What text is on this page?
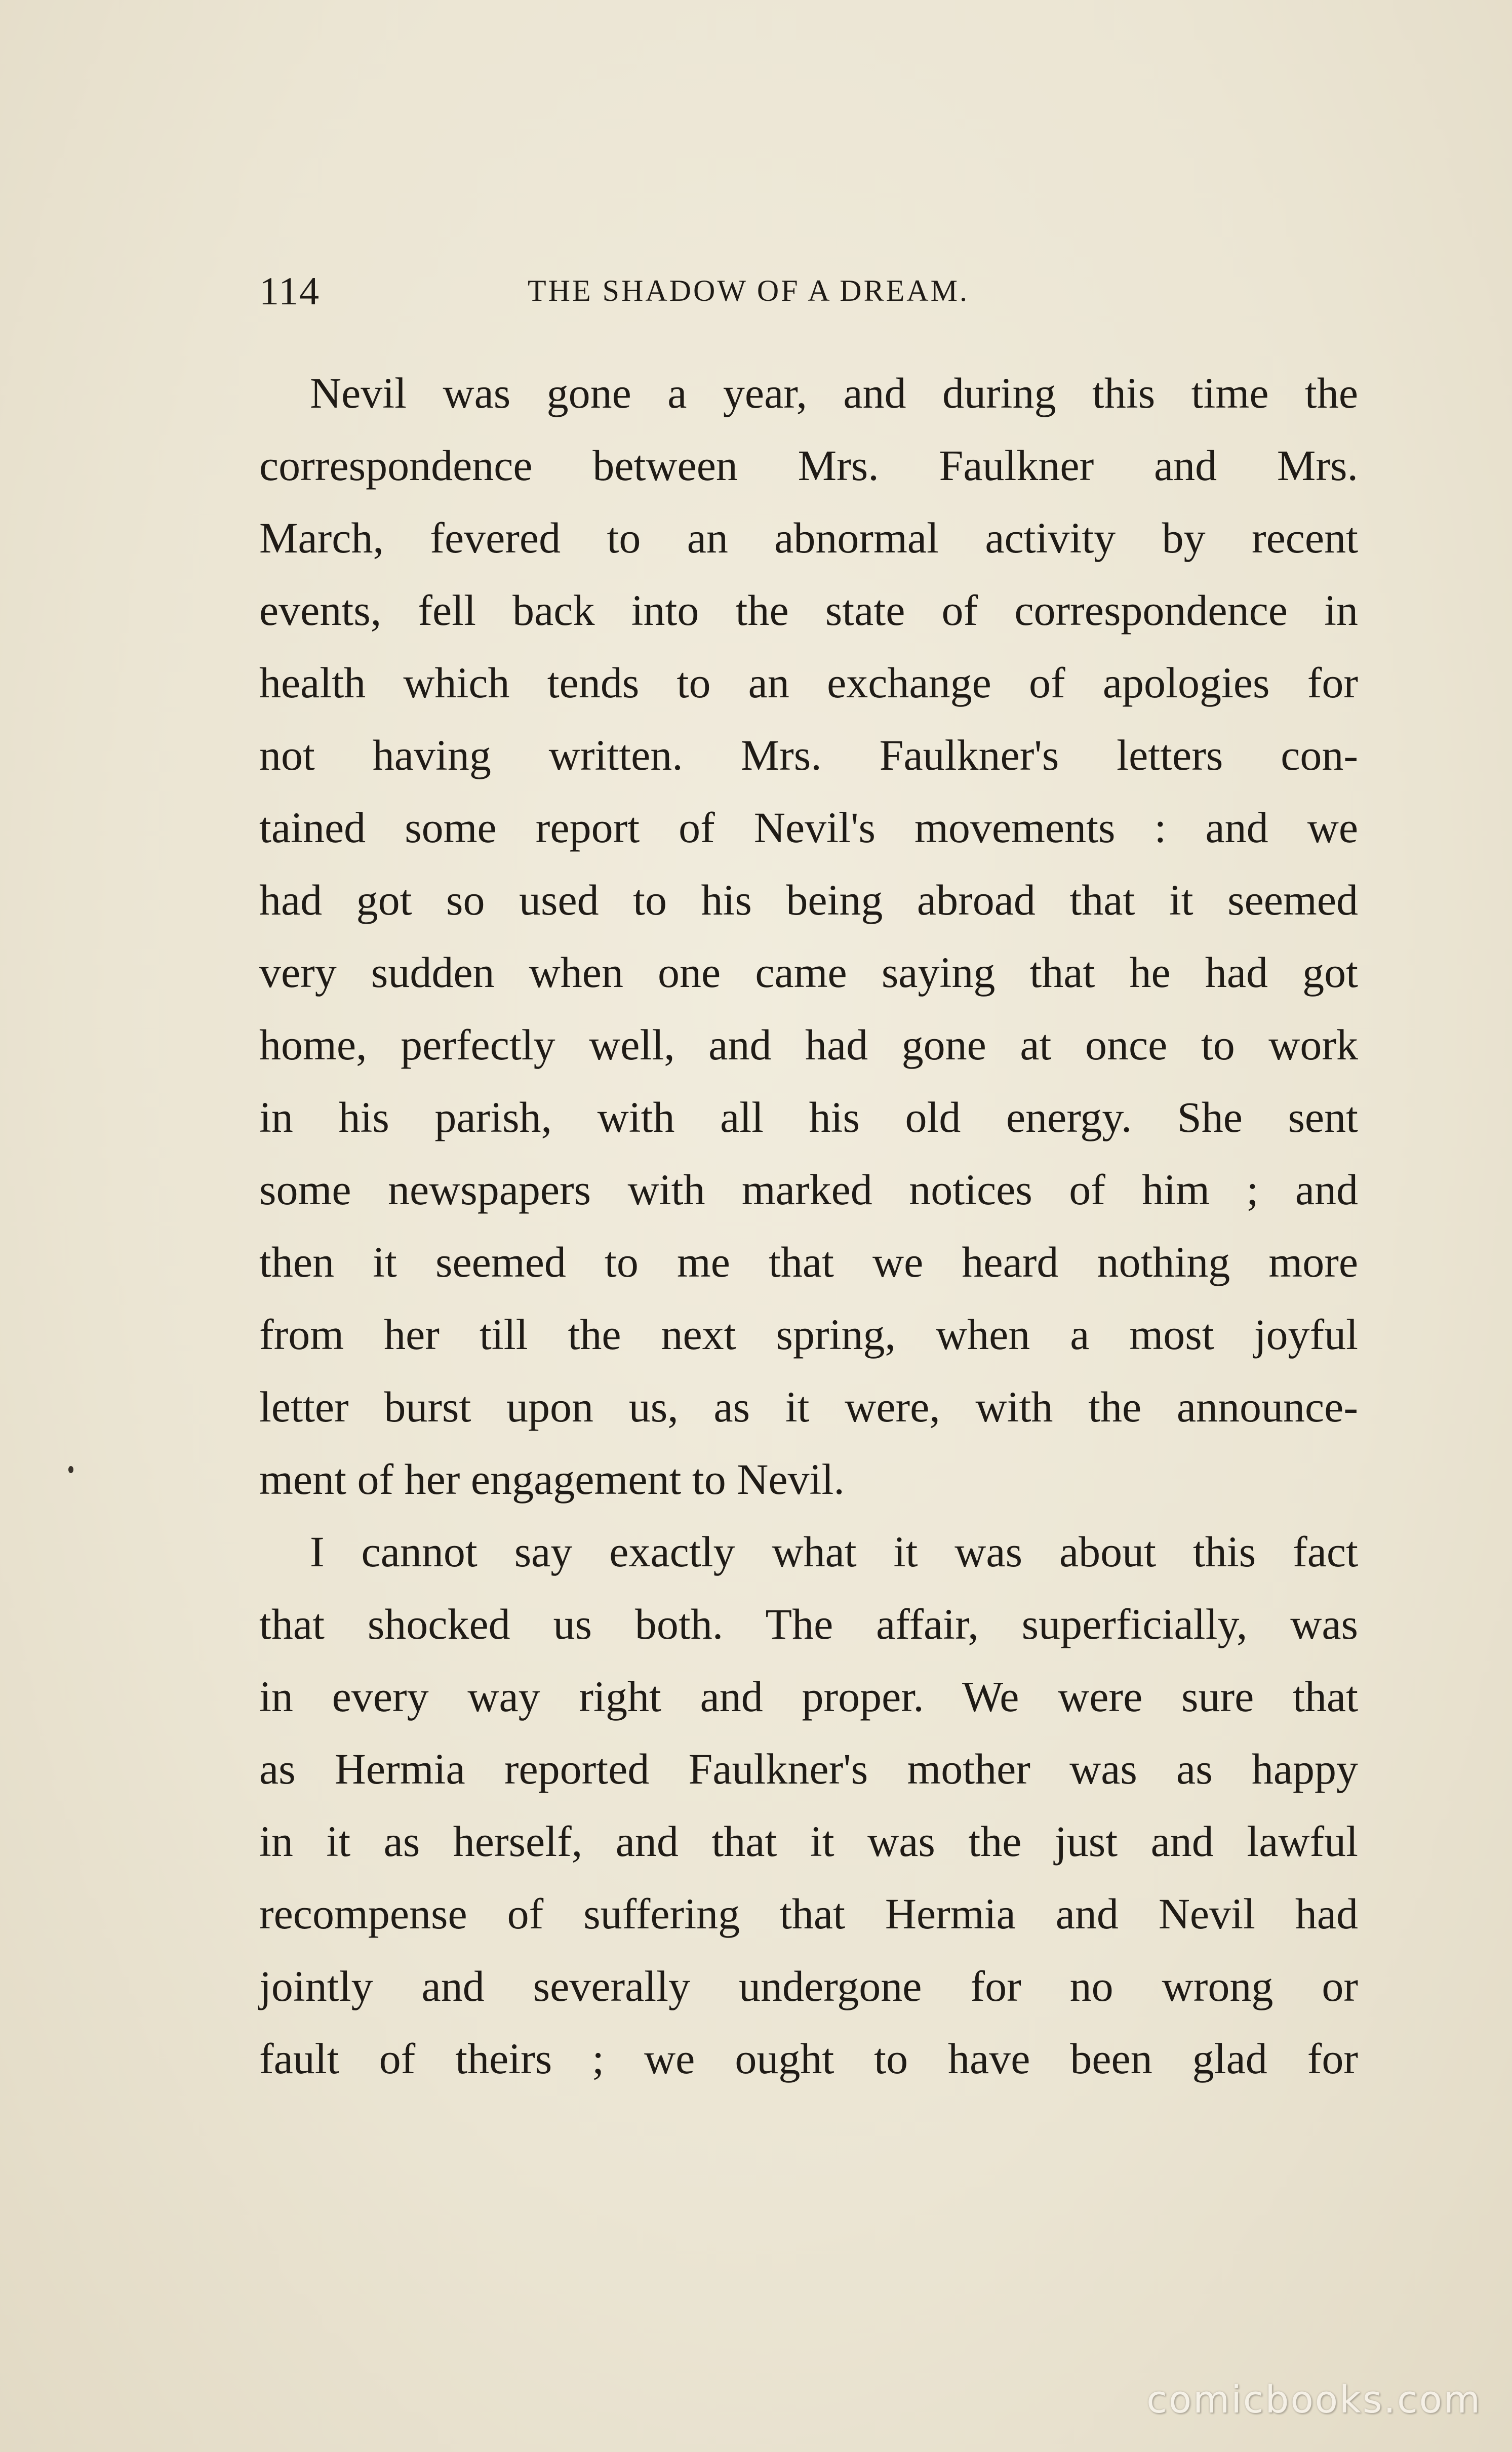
114	THE SHADOW OF A DREAM.
Nevil was gone a year, and during this time the
correspondence between Mrs. Faulkner and Mrs.
March, fevered to an abnormal activity by recent
events, fell back into the state of correspondence in
health which tends to an exchange of apologies for
not having written. Mrs. Faulkner's letters con-
tained some report of Nevil's movements : and we
had got so used to his being abroad that it seemed
very sudden when one came saying that he had got
home, perfectly well, and had gone at once to work
in his parish, with all his old energy. She sent
some newspapers with marked notices of him ; and
then it seemed to me that we heard nothing more
from her till the next spring, when a most joyful
letter burst upon us, as it were, with the announce-
ment of her engagement to Nevil.
I cannot say exactly what it was about this fact
that shocked us both. The affair, superficially, was
in every way right and proper. We were sure that
as Hermia reported Faulkner's mother was as happy
in it as herself, and that it was the just and lawful
recompense of suffering that Hermia and Nevil had
jointly and severally undergone for no wrong or
fault of theirs ; we ought to have been glad for
comicbooks.com
